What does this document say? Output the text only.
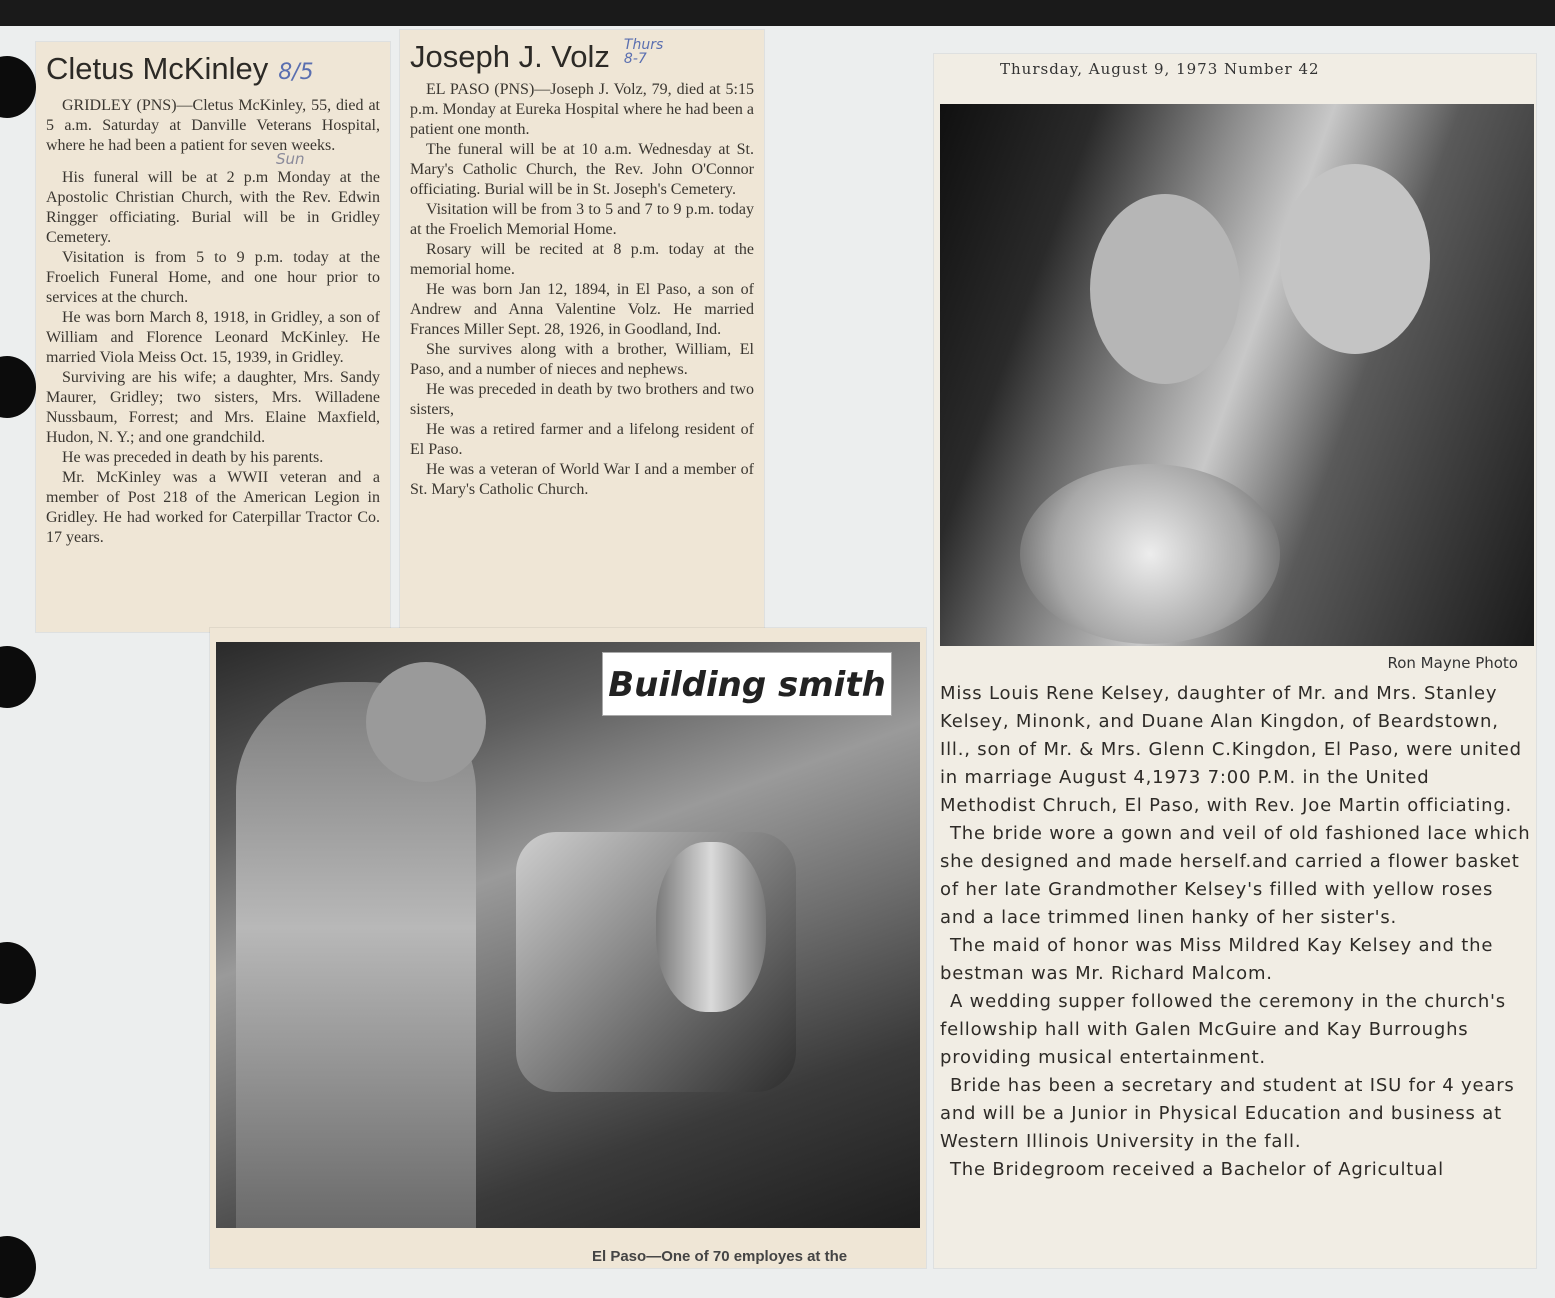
Cletus McKinley 8/5

GRIDLEY (PNS)—Cletus McKinley, 55, died at 5 a.m. Saturday at Danville Veterans Hospital, where he had been a patient for seven weeks.

Sun

His funeral will be at 2 p.m Monday at the Apostolic Christian Church, with the Rev. Edwin Ringger officiating. Burial will be in Gridley Cemetery.

Visitation is from 5 to 9 p.m. today at the Froelich Funeral Home, and one hour prior to services at the church.

He was born March 8, 1918, in Gridley, a son of William and Florence Leonard McKinley. He married Viola Meiss Oct. 15, 1939, in Gridley.

Surviving are his wife; a daughter, Mrs. Sandy Maurer, Gridley; two sisters, Mrs. Willadene Nussbaum, Forrest; and Mrs. Elaine Maxfield, Hudon, N. Y.; and one grandchild.

He was preceded in death by his parents.

Mr. McKinley was a WWII veteran and a member of Post 218 of the American Legion in Gridley. He had worked for Caterpillar Tractor Co. 17 years.

Joseph J. Volz Thurs
8-7

EL PASO (PNS)—Joseph J. Volz, 79, died at 5:15 p.m. Monday at Eureka Hospital where he had been a patient one month.

The funeral will be at 10 a.m. Wednesday at St. Mary's Catholic Church, the Rev. John O'Connor officiating. Burial will be in St. Joseph's Cemetery.

Visitation will be from 3 to 5 and 7 to 9 p.m. today at the Froelich Memorial Home.

Rosary will be recited at 8 p.m. today at the memorial home.

He was born Jan 12, 1894, in El Paso, a son of Andrew and Anna Valentine Volz. He married Frances Miller Sept. 28, 1926, in Goodland, Ind.

She survives along with a brother, William, El Paso, and a number of nieces and nephews.

He was preceded in death by two brothers and two sisters,

He was a retired farmer and a lifelong resident of El Paso.

He was a veteran of World War I and a member of St. Mary's Catholic Church.

Building smith
El Paso—One of 70 employes at the
Thursday, August 9, 1973 Number 42
Ron Mayne Photo

Miss Louis Rene Kelsey, daughter of Mr. and Mrs. Stanley Kelsey, Minonk, and Duane Alan Kingdon, of Beardstown, Ill., son of Mr. & Mrs. Glenn C.Kingdon, El Paso, were united in marriage August 4,1973 7:00 P.M. in the United Methodist Chruch, El Paso, with Rev. Joe Martin officiating.

The bride wore a gown and veil of old fashioned lace which she designed and made herself.and carried a flower basket of her late Grandmother Kelsey's filled with yellow roses and a lace trimmed linen hanky of her sister's.

The maid of honor was Miss Mildred Kay Kelsey and the bestman was Mr. Richard Malcom.

A wedding supper followed the ceremony in the church's fellowship hall with Galen McGuire and Kay Burroughs providing musical entertainment.

Bride has been a secretary and student at ISU for 4 years and will be a Junior in Physical Education and business at Western Illinois University in the fall.

The Bridegroom received a Bachelor of Agricultual
